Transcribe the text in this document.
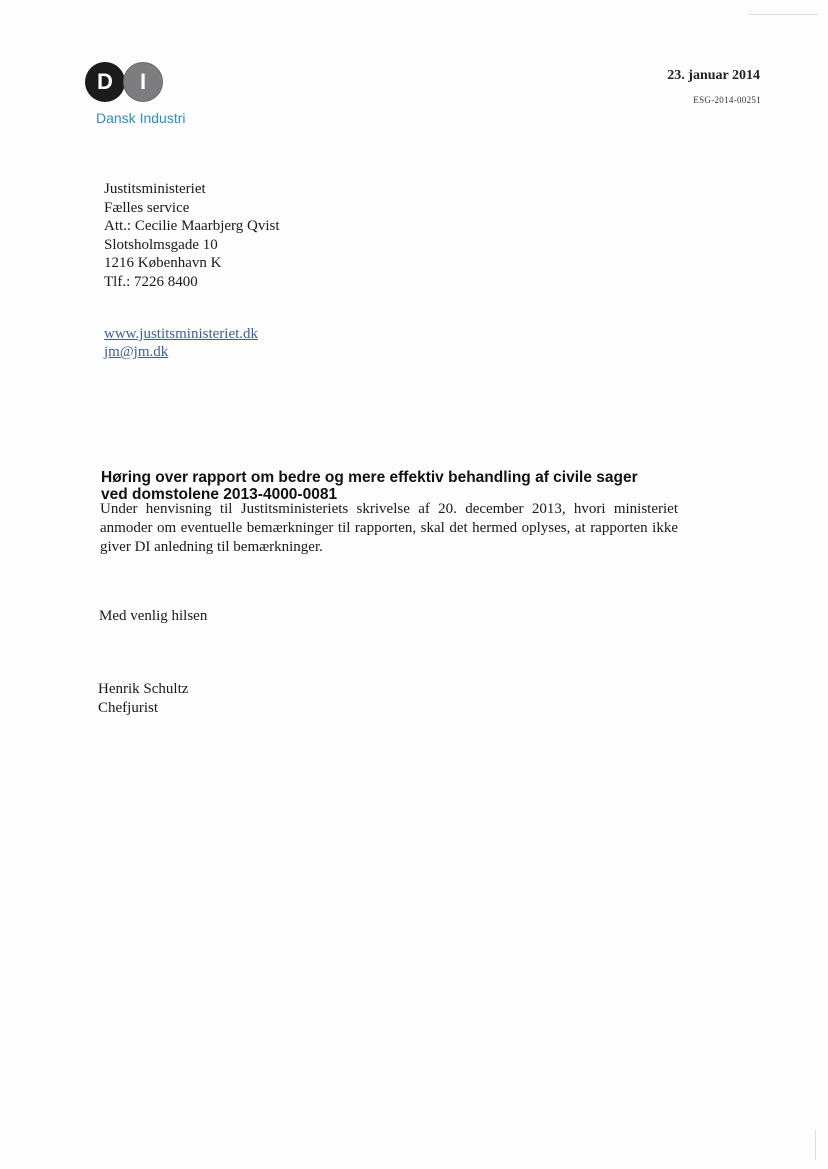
D	I
Dansk Industri
23. januar 2014
ESG-2014-00251
Justitsministeriet
Fælles service
Att.: Cecilie Maarbjerg Qvist
Slotsholmsgade 10
1216 København K
Tlf.: 7226 8400
www.justitsministeriet.dk
jm@jm.dk
Høring over rapport om bedre og mere effektiv behandling af civile sager
ved domstolene 2013-4000-0081
Under henvisning til Justitsministeriets skrivelse af 20. december 2013, hvori ministeriet anmoder om eventuelle bemærkninger til rapporten, skal det hermed oplyses, at rapporten ikke giver DI anledning til bemærkninger.
Med venlig hilsen
Henrik Schultz
Chefjurist
